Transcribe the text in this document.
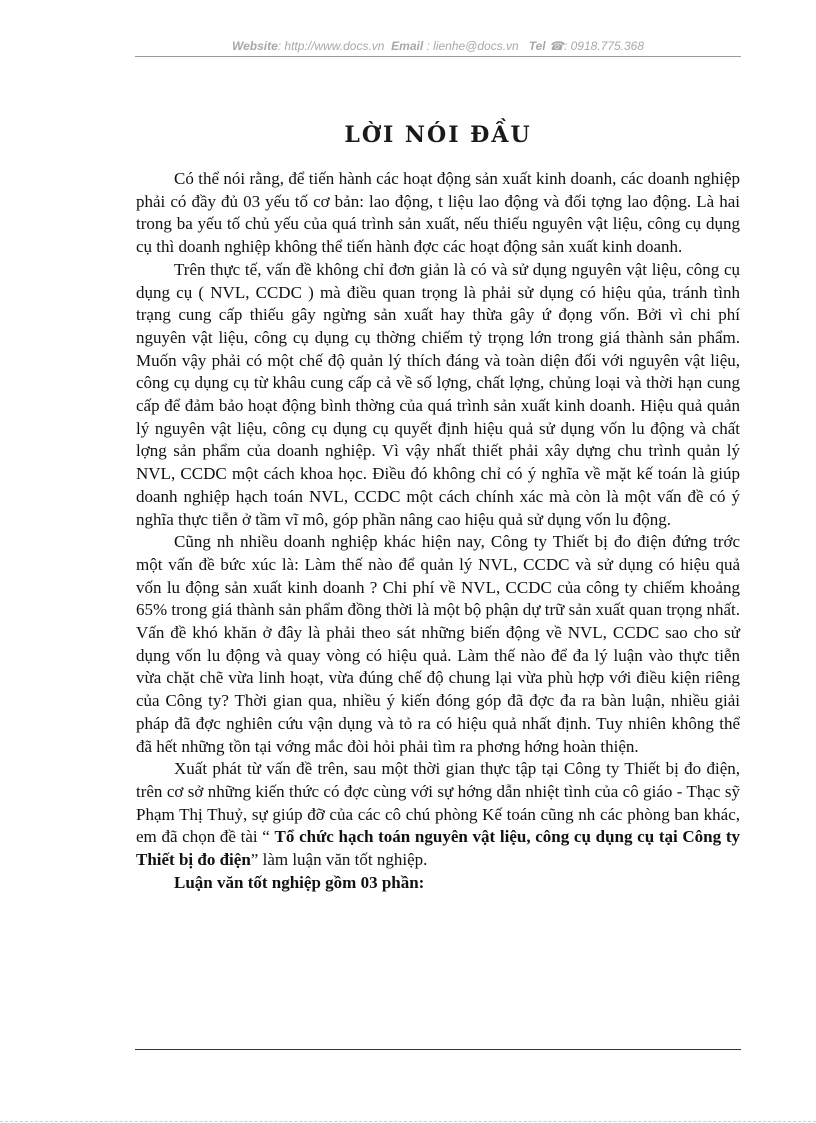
Website: http://www.docs.vn Email : lienhe@docs.vn Tel ☎: 0918.775.368
LỜI NÓI ĐẦU

Có thể nói rằng, để tiến hành các hoạt động sản xuất kinh doanh, các doanh nghiệp phải có đầy đủ 03 yếu tố cơ bản: lao động, t liệu lao động và đối tợng lao động. Là hai trong ba yếu tố chủ yếu của quá trình sản xuất, nếu thiếu nguyên vật liệu, công cụ dụng cụ thì doanh nghiệp không thể tiến hành đợc các hoạt động sản xuất kinh doanh.

Trên thực tế, vấn đề không chỉ đơn giản là có và sử dụng nguyên vật liệu, công cụ dụng cụ ( NVL, CCDC ) mà điều quan trọng là phải sử dụng có hiệu qủa, tránh tình trạng cung cấp thiếu gây ngừng sản xuất hay thừa gây ứ đọng vốn. Bởi vì chi phí nguyên vật liệu, công cụ dụng cụ thờng chiếm tỷ trọng lớn trong giá thành sản phẩm. Muốn vậy phải có một chế độ quản lý thích đáng và toàn diện đối với nguyên vật liệu, công cụ dụng cụ từ khâu cung cấp cả về số lợng, chất lợng, chủng loại và thời hạn cung cấp để đảm bảo hoạt động bình thờng của quá trình sản xuất kinh doanh. Hiệu quả quản lý nguyên vật liệu, công cụ dụng cụ quyết định hiệu quả sử dụng vốn lu động và chất lợng sản phẩm của doanh nghiệp. Vì vậy nhất thiết phải xây dựng chu trình quản lý NVL, CCDC một cách khoa học. Điều đó không chỉ có ý nghĩa về mặt kế toán là giúp doanh nghiệp hạch toán NVL, CCDC một cách chính xác mà còn là một vấn đề có ý nghĩa thực tiễn ở tầm vĩ mô, góp phần nâng cao hiệu quả sử dụng vốn lu động.

Cũng nh nhiều doanh nghiệp khác hiện nay, Công ty Thiết bị đo điện đứng trớc một vấn đề bức xúc là: Làm thế nào để quản lý NVL, CCDC và sử dụng có hiệu quả vốn lu động sản xuất kinh doanh ? Chi phí về NVL, CCDC của công ty chiếm khoảng 65% trong giá thành sản phẩm đồng thời là một bộ phận dự trữ sản xuất quan trọng nhất. Vấn đề khó khăn ở đây là phải theo sát những biến động về NVL, CCDC sao cho sử dụng vốn lu động và quay vòng có hiệu quả. Làm thế nào để đa lý luận vào thực tiễn vừa chặt chẽ vừa linh hoạt, vừa đúng chế độ chung lại vừa phù hợp với điều kiện riêng của Công ty? Thời gian qua, nhiều ý kiến đóng góp đã đợc đa ra bàn luận, nhiều giải pháp đã đợc nghiên cứu vận dụng và tỏ ra có hiệu quả nhất định. Tuy nhiên không thể đã hết những tồn tại vớng mắc đòi hỏi phải tìm ra phơng hớng hoàn thiện.

Xuất phát từ vấn đề trên, sau một thời gian thực tập tại Công ty Thiết bị đo điện, trên cơ sở những kiến thức có đợc cùng với sự hớng dẫn nhiệt tình của cô giáo - Thạc sỹ Phạm Thị Thuỷ, sự giúp đỡ của các cô chú phòng Kế toán cũng nh các phòng ban khác, em đã chọn đề tài “ Tổ chức hạch toán nguyên vật liệu, công cụ dụng cụ tại Công ty Thiết bị đo điện” làm luận văn tốt nghiệp.

Luận văn tốt nghiệp gồm 03 phần:
